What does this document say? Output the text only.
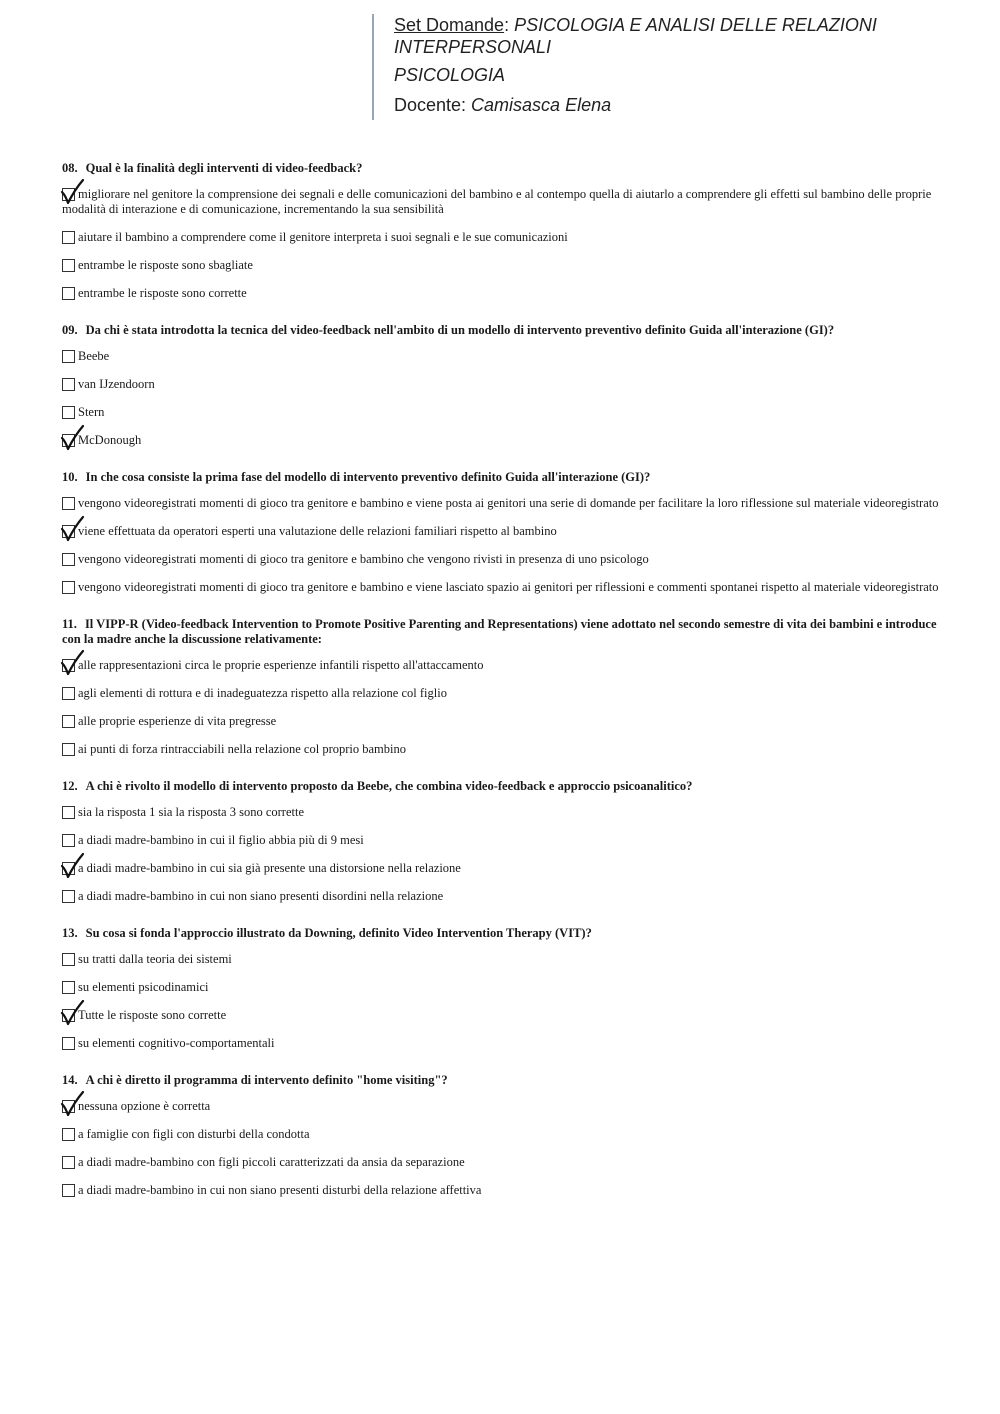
Set Domande: PSICOLOGIA E ANALISI DELLE RELAZIONI
INTERPERSONALI
PSICOLOGIA
Docente: Camisasca Elena
08. Qual è la finalità degli interventi di video-feedback?
migliorare nel genitore la comprensione dei segnali e delle comunicazioni del bambino e al contempo quella di aiutarlo a comprendere gli effetti sul bambino delle proprie modalità di interazione e di comunicazione, incrementando la sua sensibilità
aiutare il bambino a comprendere come il genitore interpreta i suoi segnali e le sue comunicazioni
entrambe le risposte sono sbagliate
entrambe le risposte sono corrette
09. Da chi è stata introdotta la tecnica del video-feedback nell'ambito di un modello di intervento preventivo definito Guida all'interazione (GI)?
Beebe
van IJzendoorn
Stern
McDonough
10. In che cosa consiste la prima fase del modello di intervento preventivo definito Guida all'interazione (GI)?
vengono videoregistrati momenti di gioco tra genitore e bambino e viene posta ai genitori una serie di domande per facilitare la loro riflessione sul materiale videoregistrato
viene effettuata da operatori esperti una valutazione delle relazioni familiari rispetto al bambino
vengono videoregistrati momenti di gioco tra genitore e bambino che vengono rivisti in presenza di uno psicologo
vengono videoregistrati momenti di gioco tra genitore e bambino e viene lasciato spazio ai genitori per riflessioni e commenti spontanei rispetto al materiale videoregistrato
11. Il VIPP-R (Video-feedback Intervention to Promote Positive Parenting and Representations) viene adottato nel secondo semestre di vita dei bambini e introduce con la madre anche la discussione relativamente:
alle rappresentazioni circa le proprie esperienze infantili rispetto all'attaccamento
agli elementi di rottura e di inadeguatezza rispetto alla relazione col figlio
alle proprie esperienze di vita pregresse
ai punti di forza rintracciabili nella relazione col proprio bambino
12. A chi è rivolto il modello di intervento proposto da Beebe, che combina video-feedback e approccio psicoanalitico?
sia la risposta 1 sia la risposta 3 sono corrette
a diadi madre-bambino in cui il figlio abbia più di 9 mesi
a diadi madre-bambino in cui sia già presente una distorsione nella relazione
a diadi madre-bambino in cui non siano presenti disordini nella relazione
13. Su cosa si fonda l'approccio illustrato da Downing, definito Video Intervention Therapy (VIT)?
su tratti dalla teoria dei sistemi
su elementi psicodinamici
Tutte le risposte sono corrette
su elementi cognitivo-comportamentali
14. A chi è diretto il programma di intervento definito "home visiting"?
nessuna opzione è corretta
a famiglie con figli con disturbi della condotta
a diadi madre-bambino con figli piccoli caratterizzati da ansia da separazione
a diadi madre-bambino in cui non siano presenti disturbi della relazione affettiva
